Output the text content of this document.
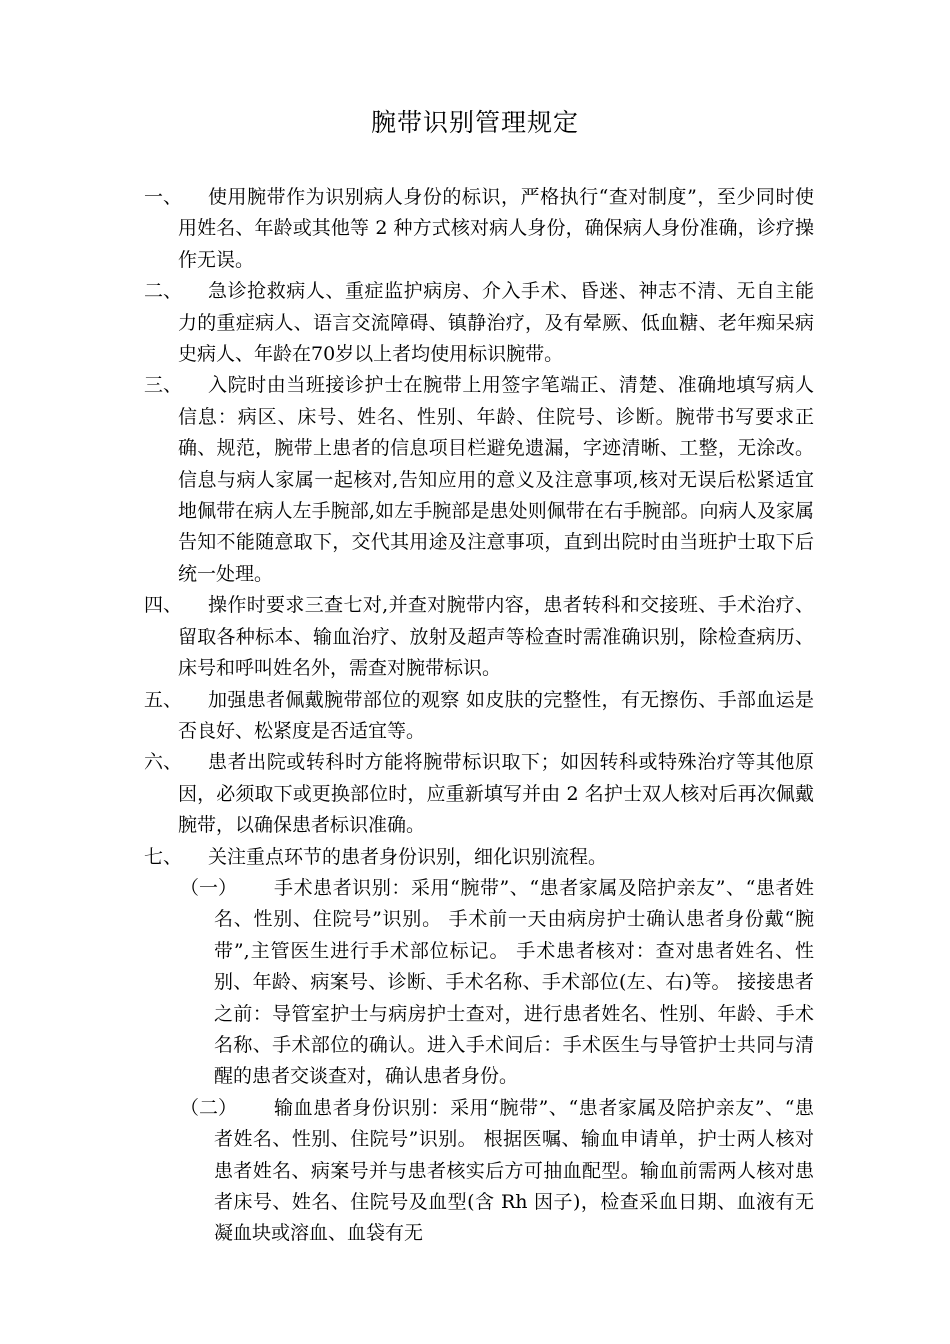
腕带识别管理规定

一、	使用腕带作为识别病人身份的标识，严格执行“查对制度”，至少同时使用姓名、年龄或其他等 2 种方式核对病人身份，确保病人身份准确，诊疗操作无误。

二、	急诊抢救病人、重症监护病房、介入手术、昏迷、神志不清、无自主能力的重症病人、语言交流障碍、镇静治疗，及有晕厥、低血糖、老年痴呆病史病人、年龄在70岁以上者均使用标识腕带。

三、	入院时由当班接诊护士在腕带上用签字笔端正、清楚、准确地填写病人信息：病区、床号、姓名、性别、年龄、住院号、诊断。腕带书写要求正确、规范，腕带上患者的信息项目栏避免遗漏，字迹清晰、工整，无涂改。信息与病人家属一起核对,告知应用的意义及注意事项,核对无误后松紧适宜地佩带在病人左手腕部,如左手腕部是患处则佩带在右手腕部。向病人及家属告知不能随意取下，交代其用途及注意事项，直到出院时由当班护士取下后统一处理。

四、	操作时要求三查七对,并查对腕带内容，患者转科和交接班、手术治疗、留取各种标本、输血治疗、放射及超声等检查时需准确识别，除检查病历、床号和呼叫姓名外，需查对腕带标识。

五、	加强患者佩戴腕带部位的观察 如皮肤的完整性，有无擦伤、手部血运是否良好、松紧度是否适宜等。

六、	患者出院或转科时方能将腕带标识取下；如因转科或特殊治疗等其他原因，必须取下或更换部位时，应重新填写并由 2 名护士双人核对后再次佩戴腕带，以确保患者标识准确。

七、	关注重点环节的患者身份识别，细化识别流程。

（一）	手术患者识别：采用“腕带”、“患者家属及陪护亲友”、“患者姓名、性别、住院号”识别。 手术前一天由病房护士确认患者身份戴“腕带”,主管医生进行手术部位标记。 手术患者核对：查对患者姓名、性别、年龄、病案号、诊断、手术名称、手术部位(左、右)等。 接接患者之前：导管室护士与病房护士查对，进行患者姓名、性别、年龄、手术名称、手术部位的确认。进入手术间后：手术医生与导管护士共同与清醒的患者交谈查对，确认患者身份。

（二）	输血患者身份识别：采用“腕带”、“患者家属及陪护亲友”、“患者姓名、性别、住院号”识别。 根据医嘱、输血申请单，护士两人核对患者姓名、病案号并与患者核实后方可抽血配型。输血前需两人核对患者床号、姓名、住院号及血型(含 Rh 因子)，检查采血日期、血液有无凝血块或溶血、血袋有无
